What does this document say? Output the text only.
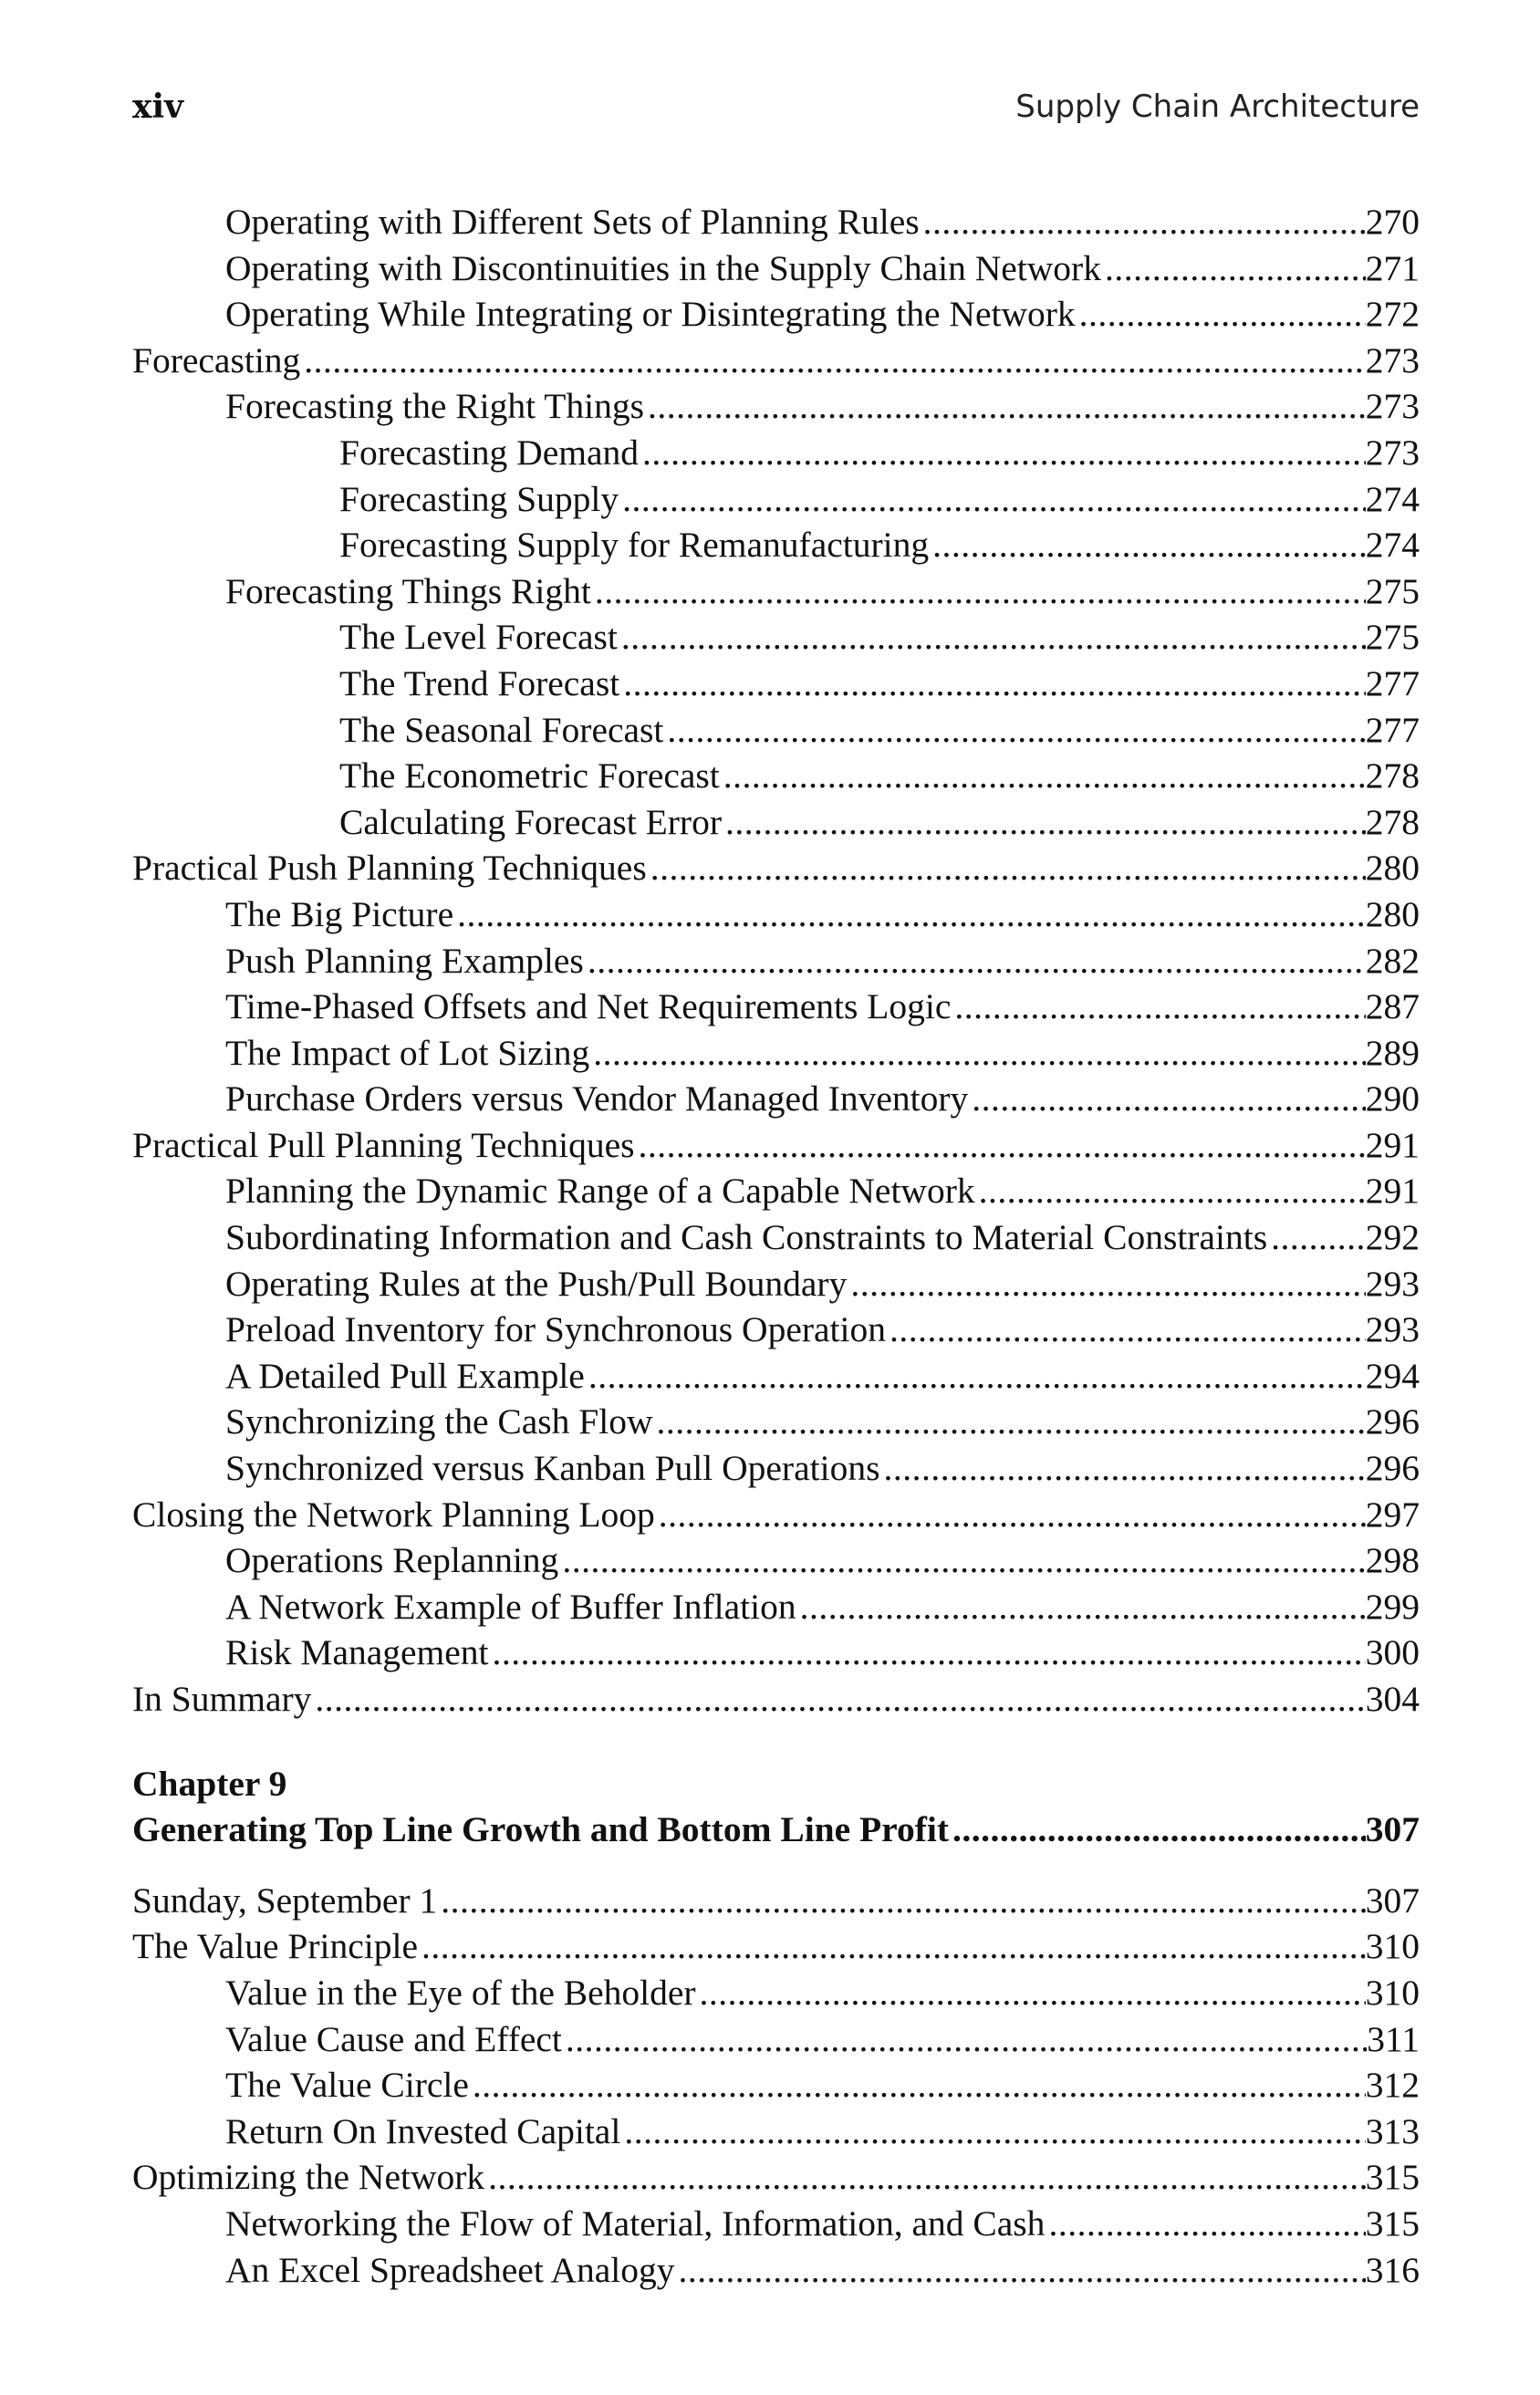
xiv	Supply Chain Architecture
Operating with Different Sets of Planning Rules .....	270
Operating with Discontinuities in the Supply Chain Network .....	271
Operating While Integrating or Disintegrating the Network .....	272
Forecasting .....	273
Forecasting the Right Things .....	273
Forecasting Demand .....	273
Forecasting Supply .....	274
Forecasting Supply for Remanufacturing .....	274
Forecasting Things Right .....	275
The Level Forecast .....	275
The Trend Forecast .....	277
The Seasonal Forecast .....	277
The Econometric Forecast .....	278
Calculating Forecast Error .....	278
Practical Push Planning Techniques .....	280
The Big Picture .....	280
Push Planning Examples .....	282
Time-Phased Offsets and Net Requirements Logic .....	287
The Impact of Lot Sizing .....	289
Purchase Orders versus Vendor Managed Inventory .....	290
Practical Pull Planning Techniques .....	291
Planning the Dynamic Range of a Capable Network .....	291
Subordinating Information and Cash Constraints to Material Constraints .....	292
Operating Rules at the Push/Pull Boundary .....	293
Preload Inventory for Synchronous Operation .....	293
A Detailed Pull Example .....	294
Synchronizing the Cash Flow .....	296
Synchronized versus Kanban Pull Operations .....	296
Closing the Network Planning Loop .....	297
Operations Replanning .....	298
A Network Example of Buffer Inflation .....	299
Risk Management .....	300
In Summary .....	304
Chapter 9
Generating Top Line Growth and Bottom Line Profit .....	307
Sunday, September 1 .....	307
The Value Principle .....	310
Value in the Eye of the Beholder .....	310
Value Cause and Effect .....	311
The Value Circle .....	312
Return On Invested Capital .....	313
Optimizing the Network .....	315
Networking the Flow of Material, Information, and Cash .....	315
An Excel Spreadsheet Analogy .....	316
